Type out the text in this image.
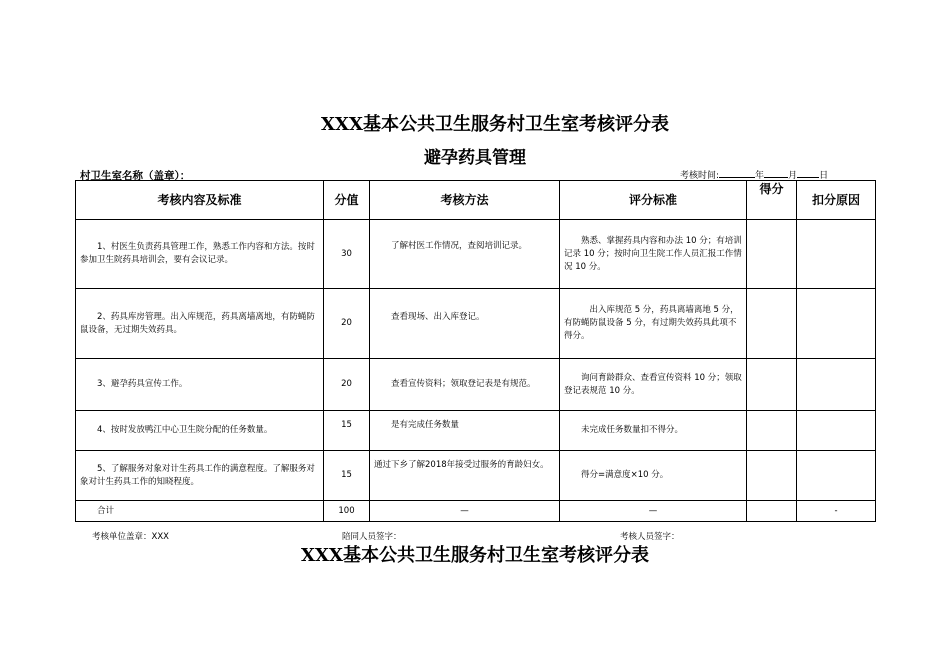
XXX基本公共卫生服务村卫生室考核评分表
避孕药具管理
村卫生室名称（盖章）：	考核时间:	年	月 日
考核内容及标准	分值	考核方法	评分标准	得分	扣分原因
1、村医生负责药具管理工作，熟悉工作内容和方法。按时参加卫生院药具培训会，要有会议记录。	30	了解村医工作情况，查阅培训记录。	熟悉、掌握药具内容和办法 10 分；有培训记录 10 分；按时向卫生院工作人员汇报工作情况 10 分。		
2、药具库房管理。出入库规范，药具离墙离地，有防蝇防鼠设备，无过期失效药具。	20	查看现场、出入库登记。	出入库规范 5 分，药具离墙离地 5 分，有防蝇防鼠设备 5 分，有过期失效药具此项不得分。		
3、避孕药具宣传工作。	20	查看宣传资料；领取登记表是有规范。	询问育龄群众、查看宣传资料 10 分；领取登记表规范 10 分。		
4、按时发放鸭江中心卫生院分配的任务数量。	15	是有完成任务数量	未完成任务数量扣不得分。		
5、了解服务对象对计生药具工作的满意程度。了解服务对象对计生药具工作的知晓程度。	15	通过下乡了解2018年接受过服务的育龄妇女。	得分=满意度×10 分。		
合计	100	—	—		-
考核单位盖章：XXX	陪同人员签字：	考核人员签字：
XXX基本公共卫生服务村卫生室考核评分表
